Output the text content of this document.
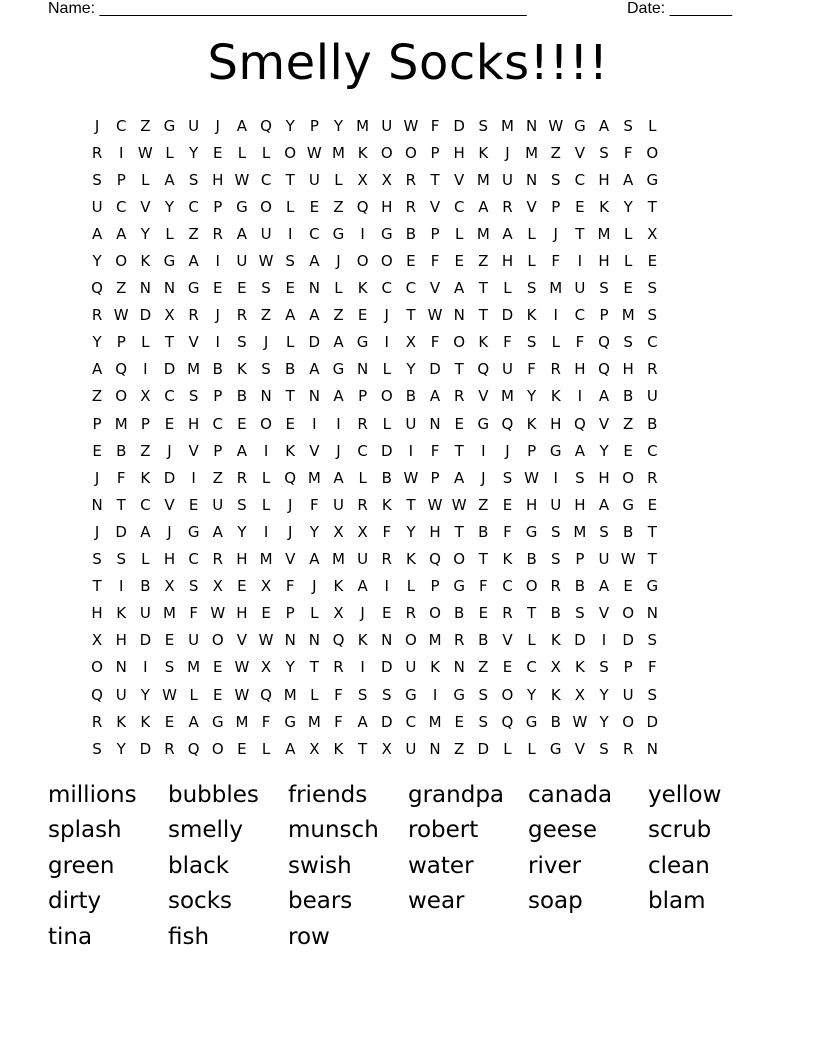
Name: ________________________________________________	Date: _______
Smelly Socks!!!!
J	C Z G U	J	A Q Y	P	Y M U W F D S M N W G A S	L
R	I W L	Y E	L	L O W M K O O P H K	J	M Z V S	F O
S P	L A S H W C T U L X X R T V M U N S C H A G
U C V Y C P G O L	E Z Q H R V C A R V P E K Y T
A A Y	L Z R A U	I	C G	I	G B P	L M A L	J	T M L X
Y O K G A	I	U W S A	J	O O E	F	E Z H L	F	I	H L	E
Q Z N N G E E S E N L	K C C V A T	L	S M U S E S
R W D X R	J	R Z A A Z E	J	T W N T D K	I	C P M S
Y	P	L	T V	I	S	J	L D A G	I	X F O K F	S	L	F Q S C
A Q	I	D M B K S B A G N L	Y D T Q U F R H Q H R
Z O X C S P B N T N A P O B A R V M Y K	I	A B U
P M P E H C E O E	I	I	R L U N E G Q K H Q V Z B
E B Z	J	V P A	I	K V	J	C D	I	F	T	I	J	P G A Y E C
J	F K D	I	Z R L Q M A L B W P A	J	S W I	S H O R
N T C V E U S	L	J	F U R K T W W Z E H U H A G E
J	D A	J	G A Y	I	J	Y X X F	Y H T B F G S M S B T
S S	L H C R H M V A M U R K Q O T K B S P U W T
T	I	B X S X E X F	J	K A	I	L	P G F C O R B A E G
H K U M F W H E P	L X	J	E R O B E R T B S V O N
X H D E U O V W N N Q K N O M R B V L	K D	I	D S
O N	I	S M E W X Y T R	I	D U K N Z E C X K S P	F
Q U Y W L	E W Q M L	F	S S G	I	G S O Y K X Y U S
R K K E A G M F G M F A D C M E S Q G B W Y O D
S Y D R Q O E	L A X K T X U N Z D L	L G V S R N
millions	bubbles	friends	grandpa	canada	yellow
splash	smelly	munsch	robert	geese	scrub
green	black	swish	water	river	clean
dirty	socks	bears	wear	soap	blam
tina	fish	row
